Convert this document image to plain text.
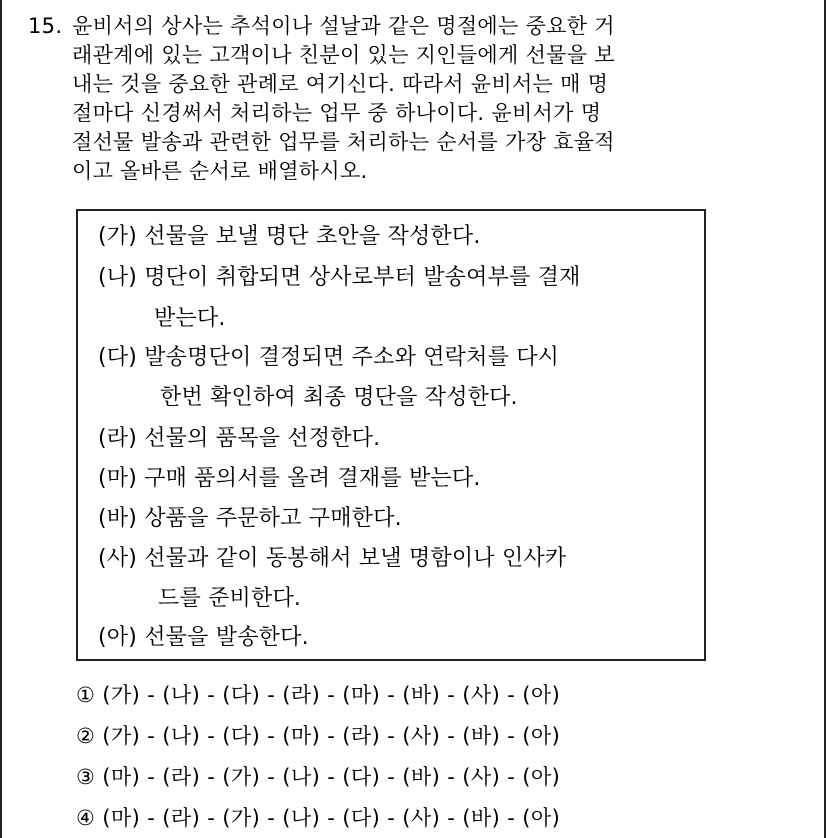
15. 윤비서의 상사는 추석이나 설날과 같은 명절에는 중요한 거
래관계에 있는 고객이나 친분이 있는 지인들에게 선물을 보
내는 것을 중요한 관례로 여기신다. 따라서 윤비서는 매 명
절마다 신경써서 처리하는 업무 중 하나이다. 윤비서가 명
절선물 발송과 관련한 업무를 처리하는 순서를 가장 효율적
이고 올바른 순서로 배열하시오.
(가) 선물을 보낼 명단 초안을 작성한다.
(나) 명단이 취합되면 상사로부터 발송여부를 결재
받는다.
(다) 발송명단이 결정되면 주소와 연락처를 다시
한번 확인하여 최종 명단을 작성한다.
(라) 선물의 품목을 선정한다.
(마) 구매 품의서를 올려 결재를 받는다.
(바) 상품을 주문하고 구매한다.
(사) 선물과 같이 동봉해서 보낼 명함이나 인사카
드를 준비한다.
(아) 선물을 발송한다.
① (가) - (나) - (다) - (라) - (마) - (바) - (사) - (아)
② (가) - (나) - (다) - (마) - (라) - (사) - (바) - (아)
③ (마) - (라) - (가) - (나) - (다) - (바) - (사) - (아)
④ (마) - (라) - (가) - (나) - (다) - (사) - (바) - (아)
